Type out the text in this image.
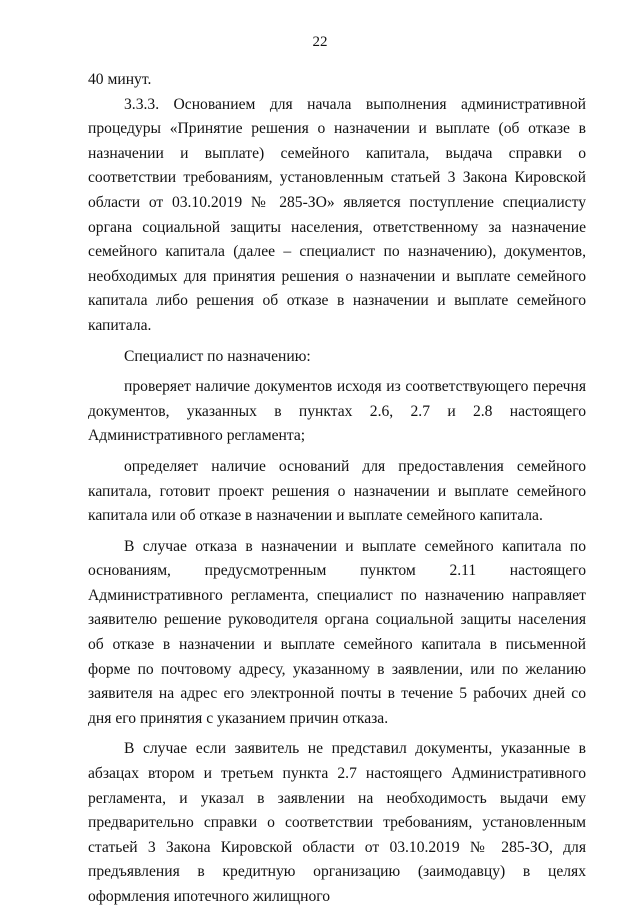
22

40 минут.

3.3.3. Основанием для начала выполнения административной процедуры «Принятие решения о назначении и выплате (об отказе в назначении и выплате) семейного капитала, выдача справки о соответствии требованиям, установленным статьей 3 Закона Кировской области от 03.10.2019 № 285-ЗО» является поступление специалисту органа социальной защиты населения, ответственному за назначение семейного капитала (далее – специалист по назначению), документов, необходимых для принятия решения о назначении и выплате семейного капитала либо решения об отказе в назначении и выплате семейного капитала.

Специалист по назначению:

проверяет наличие документов исходя из соответствующего перечня документов, указанных в пунктах 2.6, 2.7 и 2.8 настоящего Административного регламента;

определяет наличие оснований для предоставления семейного капитала, готовит проект решения о назначении и выплате семейного капитала или об отказе в назначении и выплате семейного капитала.

В случае отказа в назначении и выплате семейного капитала по основаниям, предусмотренным пунктом 2.11 настоящего Административного регламента, специалист по назначению направляет заявителю решение руководителя органа социальной защиты населения об отказе в назначении и выплате семейного капитала в письменной форме по почтовому адресу, указанному в заявлении, или по желанию заявителя на адрес его электронной почты в течение 5 рабочих дней со дня его принятия с указанием причин отказа.

В случае если заявитель не представил документы, указанные в абзацах втором и третьем пункта 2.7 настоящего Административного регламента, и указал в заявлении на необходимость выдачи ему предварительно справки о соответствии требованиям, установленным статьей 3 Закона Кировской области от 03.10.2019 № 285-ЗО, для предъявления в кредитную организацию (заимодавцу) в целях оформления ипотечного жилищного
